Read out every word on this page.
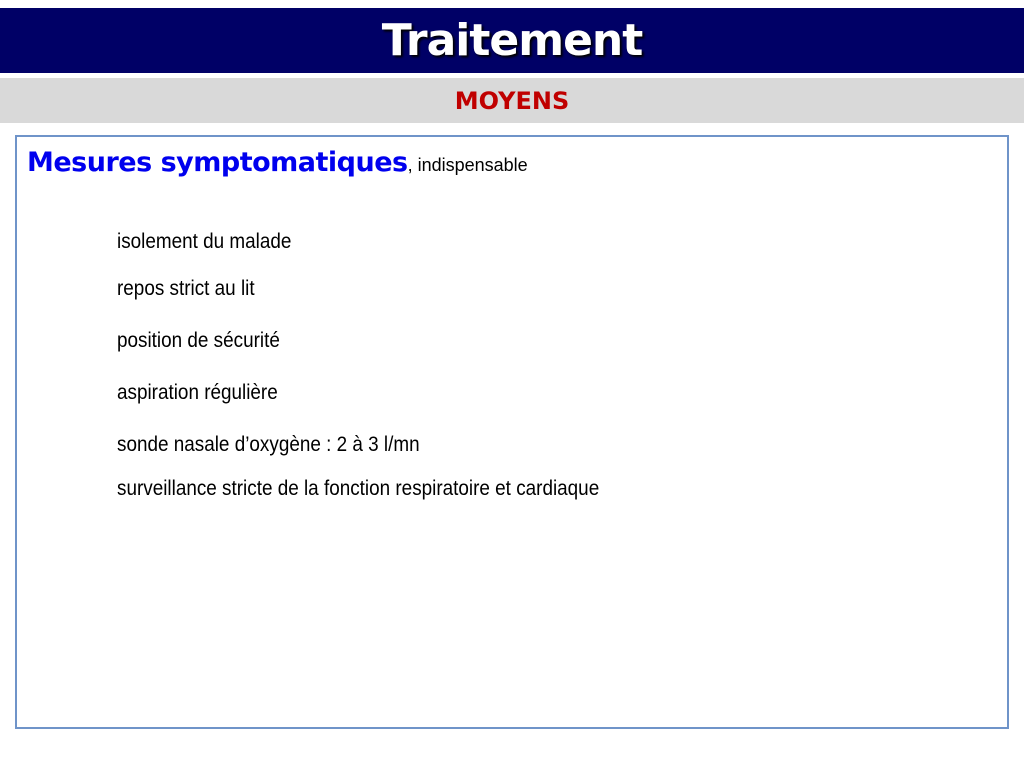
Traitement
MOYENS
Mesures symptomatiques, indispensable
isolement du malade
repos strict au lit
position de sécurité
aspiration régulière
sonde nasale d’oxygène : 2 à 3 l/mn
surveillance stricte de la fonction respiratoire et cardiaque
